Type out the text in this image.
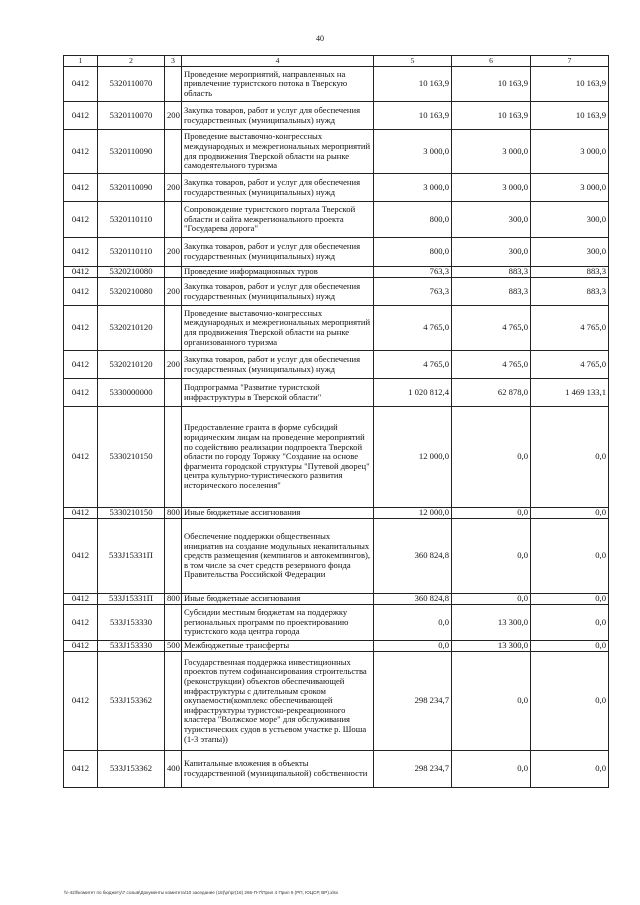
40
1	2	3	4	5	6	7
0412	5320110070		Проведение мероприятий, направленных на привлечение туристского потока в Тверскую область	10 163,9	10 163,9	10 163,9
0412	5320110070	200	Закупка товаров, работ и услуг для обеспечения государственных (муниципальных) нужд	10 163,9	10 163,9	10 163,9
0412	5320110090		Проведение выставочно-конгрессных международных и межрегиональных мероприятий для продвижения Тверской области на рынке самодеятельного туризма	3 000,0	3 000,0	3 000,0
0412	5320110090	200	Закупка товаров, работ и услуг для обеспечения государственных (муниципальных) нужд	3 000,0	3 000,0	3 000,0
0412	5320110110		Сопровождение туристского портала Тверской области и сайта межрегионального проекта "Государева дорога"	800,0	300,0	300,0
0412	5320110110	200	Закупка товаров, работ и услуг для обеспечения государственных (муниципальных) нужд	800,0	300,0	300,0
0412	5320210080		Проведение информационных туров	763,3	883,3	883,3
0412	5320210080	200	Закупка товаров, работ и услуг для обеспечения государственных (муниципальных) нужд	763,3	883,3	883,3
0412	5320210120		Проведение выставочно-конгрессных международных и межрегиональных мероприятий для продвижения Тверской области на рынке организованного туризма	4 765,0	4 765,0	4 765,0
0412	5320210120	200	Закупка товаров, работ и услуг для обеспечения государственных (муниципальных) нужд	4 765,0	4 765,0	4 765,0
0412	5330000000		Подпрограмма "Развитие туристской инфраструктуры в Тверской области"	1 020 812,4	62 878,0	1 469 133,1
0412	5330210150		Предоставление гранта в форме субсидий юридическим лицам на проведение мероприятий по содействию реализации подпроекта Тверской области по городу Торжку "Создание на основе фрагмента городской структуры "Путевой дворец" центра культурно-туристического развития исторического поселения"	12 000,0	0,0	0,0
0412	5330210150	800	Иные бюджетные ассигнования	12 000,0	0,0	0,0
0412	533J15331П		Обеспечение поддержки общественных инициатив на создание модульных некапитальных средств размещения (кемпингов и автокемпингов), в том числе за счет средств резервного фонда Правительства Российской Федерации	360 824,8	0,0	0,0
0412	533J15331П	800	Иные бюджетные ассигнования	360 824,8	0,0	0,0
0412	533J153330		Субсидии местным бюджетам на поддержку региональных программ по проектированию туристского кода центра города	0,0	13 300,0	0,0
0412	533J153330	500	Межбюджетные трансферты	0,0	13 300,0	0,0
0412	533J153362		Государственная поддержка инвестиционных проектов путем софинансирования строительства (реконструкции) объектов обеспечивающей инфраструктуры с длительным сроком окупаемости(комплекс обеспечивающей инфраструктуры туристско-рекреационного кластера "Волжское море" для обслуживания туристических судов в устьевом участке р. Шоша (1-3 этапы))	298 234,7	0,0	0,0
0412	533J153362	400	Капитальные вложения в объекты государственной (муниципальной) собственности	298 234,7	0,0	0,0
\\r-42\l\комитет по бюджету\7 созыв\Документы комитета\10 заседание (16)\pr\pr(16) 266-П-7\Прил 4 Прил 6 (РП, ЮЦСР, ВР).xlsx
